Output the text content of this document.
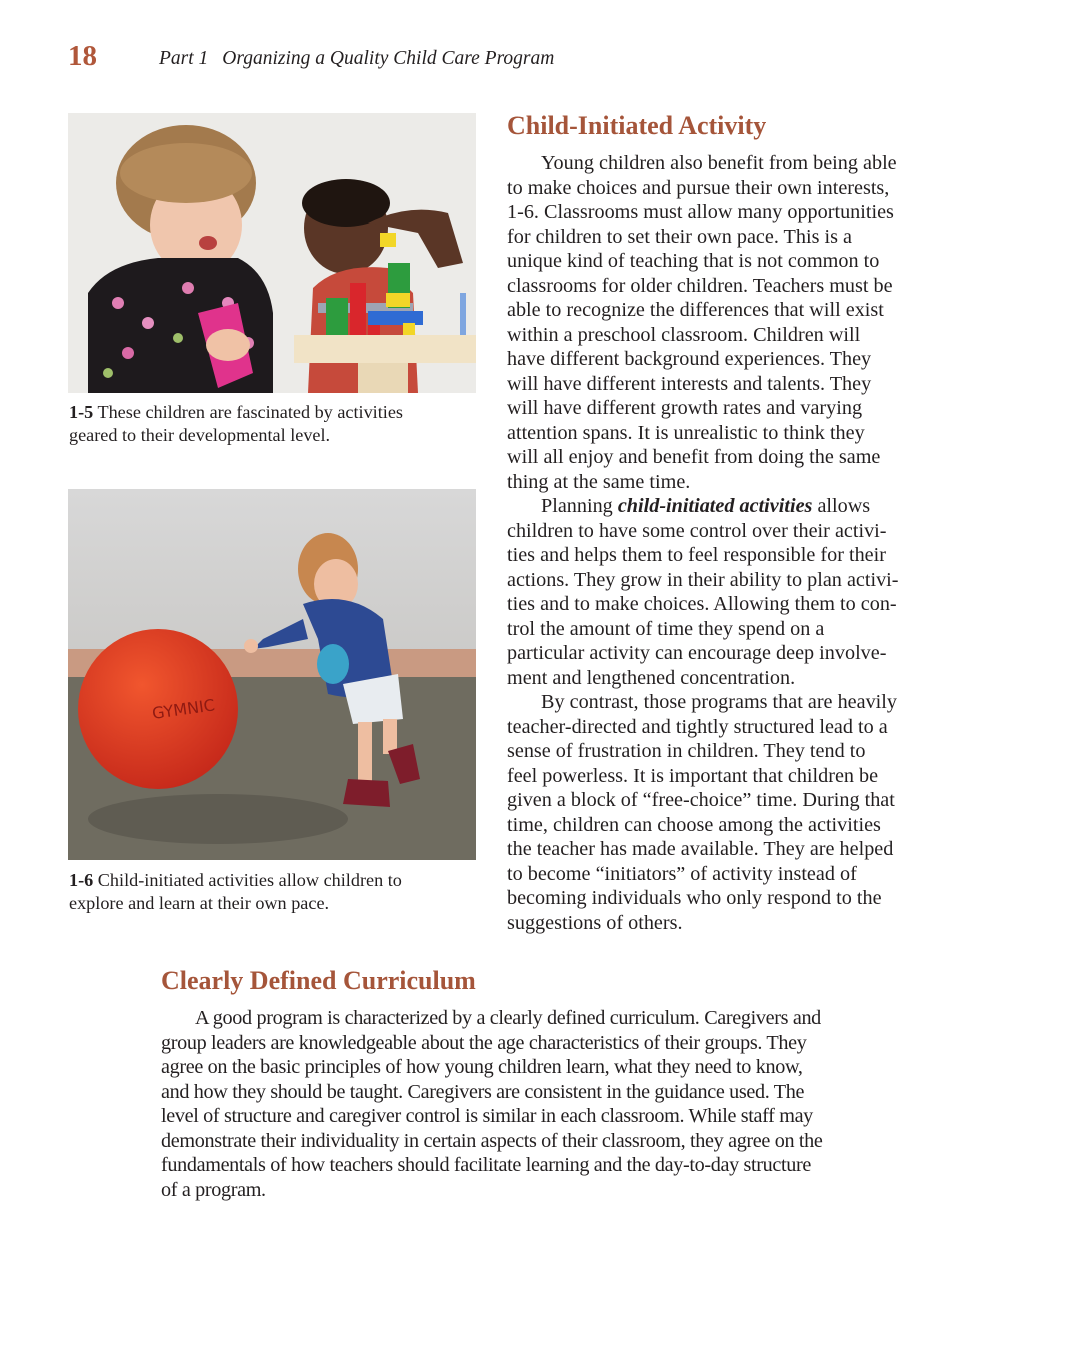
18	Part 1 Organizing a Quality Child Care Program
1-5 These children are fascinated by activities
geared to their developmental level.
GYMNIC
1-6 Child-initiated activities allow children to
explore and learn at their own pace.
Child-Initiated Activity

Young children also benefit from being able
to make choices and pursue their own interests,
1-6. Classrooms must allow many opportunities
for children to set their own pace. This is a
unique kind of teaching that is not common to
classrooms for older children. Teachers must be
able to recognize the differences that will exist
within a preschool classroom. Children will
have different background experiences. They
will have different interests and talents. They
will have different growth rates and varying
attention spans. It is unrealistic to think they
will all enjoy and benefit from doing the same
thing at the same time.

Planning child-initiated activities allows
children to have some control over their activi-
ties and helps them to feel responsible for their
actions. They grow in their ability to plan activi-
ties and to make choices. Allowing them to con-
trol the amount of time they spend on a
particular activity can encourage deep involve-
ment and lengthened concentration.

By contrast, those programs that are heavily
teacher-directed and tightly structured lead to a
sense of frustration in children. They tend to
feel powerless. It is important that children be
given a block of “free-choice” time. During that
time, children can choose among the activities
the teacher has made available. They are helped
to become “initiators” of activity instead of
becoming individuals who only respond to the
suggestions of others.

Clearly Defined Curriculum

A good program is characterized by a clearly defined curriculum. Caregivers and
group leaders are knowledgeable about the age characteristics of their groups. They
agree on the basic principles of how young children learn, what they need to know,
and how they should be taught. Caregivers are consistent in the guidance used. The
level of structure and caregiver control is similar in each classroom. While staff may
demonstrate their individuality in certain aspects of their classroom, they agree on the
fundamentals of how teachers should facilitate learning and the day-to-day structure
of a program.
